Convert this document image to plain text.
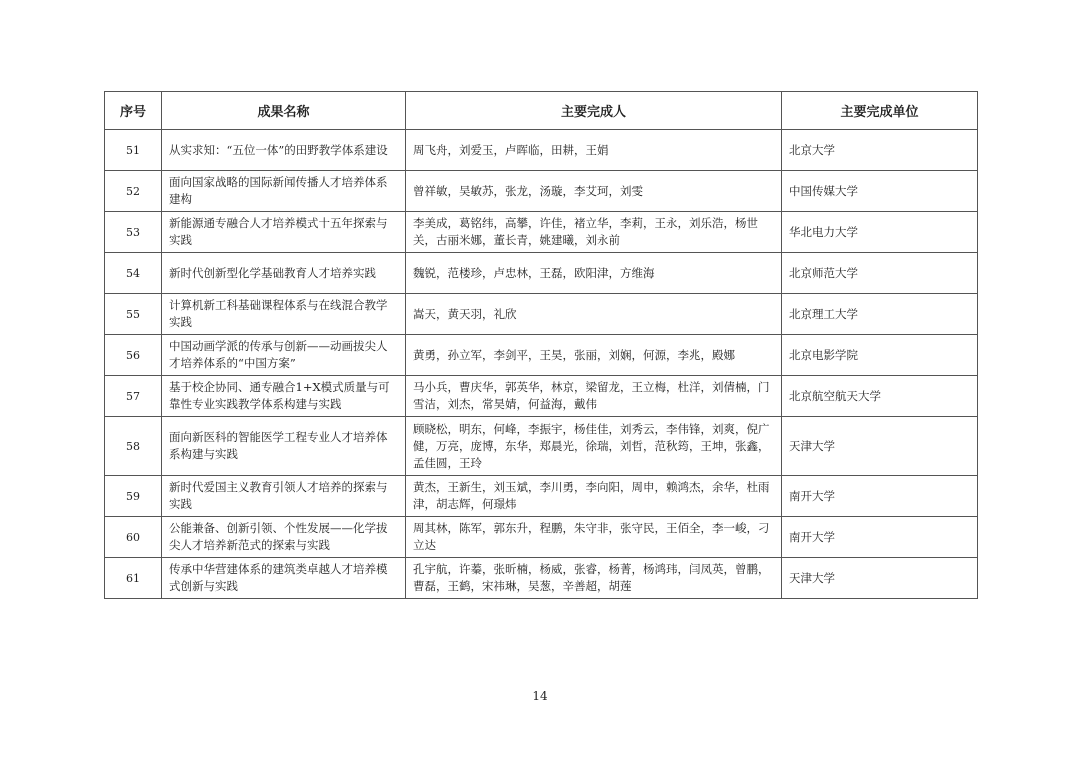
序号	成果名称	主要完成人	主要完成单位
51	从实求知：“五位一体”的田野教学体系建设	周飞舟，刘爱玉，卢晖临，田耕，王娟	北京大学
52	面向国家战略的国际新闻传播人才培养体系建构	曾祥敏，吴敏苏，张龙，汤璇，李艾珂，刘雯	中国传媒大学
53	新能源通专融合人才培养模式十五年探索与实践	李美成，葛铭纬，高攀，许佳，褚立华，李莉，王永，刘乐浩，杨世关，古丽米娜，董长青，姚建曦，刘永前	华北电力大学
54	新时代创新型化学基础教育人才培养实践	魏锐，范楼珍，卢忠林，王磊，欧阳津，方维海	北京师范大学
55	计算机新工科基础课程体系与在线混合教学实践	嵩天，黄天羽，礼欣	北京理工大学
56	中国动画学派的传承与创新——动画拔尖人才培养体系的“中国方案”	黄勇，孙立军，李剑平，王昊，张丽，刘娴，何源，李兆，殿娜	北京电影学院
57	基于校企协同、通专融合1+X模式质量与可靠性专业实践教学体系构建与实践	马小兵，曹庆华，郭英华，林京，梁留龙，王立梅，杜洋，刘倩楠，门雪洁，刘杰，常昊婧，何益海，戴伟	北京航空航天大学
58	面向新医科的智能医学工程专业人才培养体系构建与实践	顾晓松，明东，何峰，李振宇，杨佳佳，刘秀云，李伟锋，刘爽，倪广健，万亮，庞博，东华，郑晨光，徐瑞，刘哲，范秋筠，王坤，张鑫，孟佳圆，王玲	天津大学
59	新时代爱国主义教育引领人才培养的探索与实践	黄杰，王新生，刘玉斌，李川勇，李向阳，周申，赖鸿杰，余华，杜雨津，胡志辉，何璟炜	南开大学
60	公能兼备、创新引领、个性发展——化学拔尖人才培养新范式的探索与实践	周其林，陈军，郭东升，程鹏，朱守非，张守民，王佰全，李一峻，刁立达	南开大学
61	传承中华营建体系的建筑类卓越人才培养模式创新与实践	孔宇航，许蓁，张昕楠，杨威，张睿，杨菁，杨鸿玮，闫凤英，曾鹏，曹磊，王鹤，宋祎琳，吴葱，辛善超，胡莲	天津大学
14
